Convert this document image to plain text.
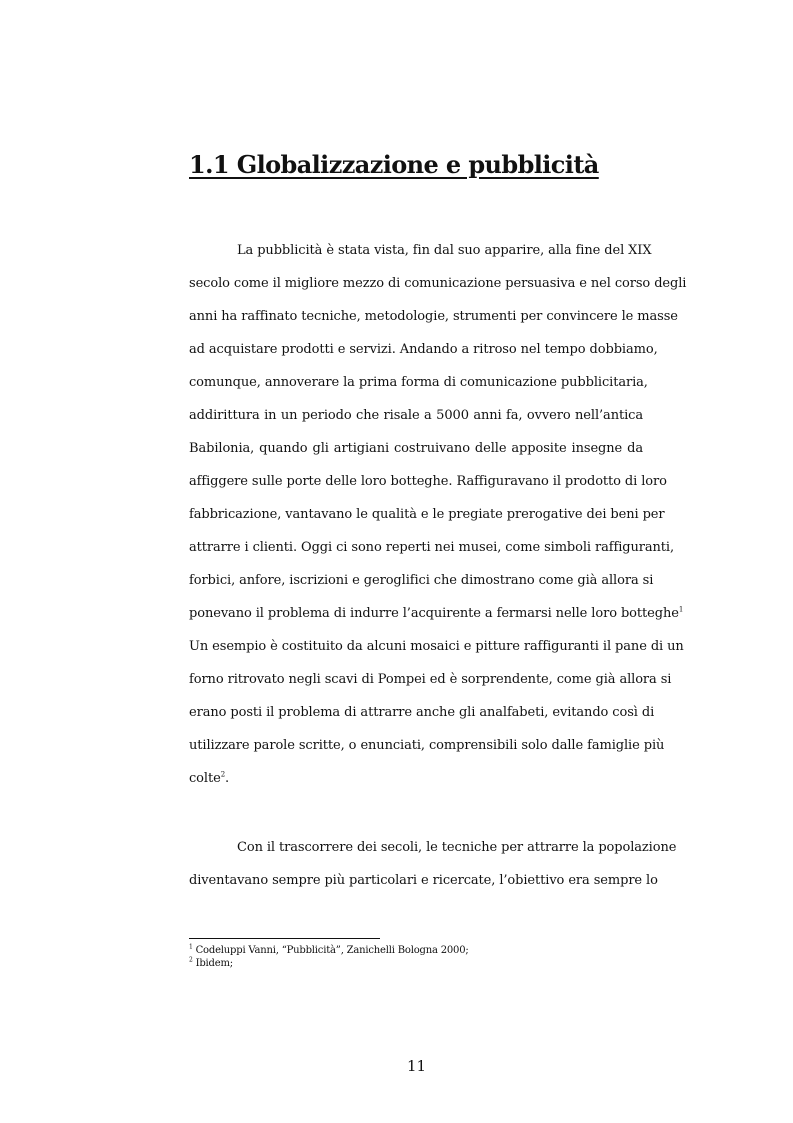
1.1 Globalizzazione e pubblicità
La pubblicità è stata vista, fin dal suo apparire, alla fine del XIX
secolo come il migliore mezzo di comunicazione persuasiva e nel corso degli
anni ha raffinato tecniche, metodologie, strumenti per convincere le masse
ad acquistare prodotti e servizi. Andando a ritroso nel tempo dobbiamo,
comunque, annoverare la prima forma di comunicazione pubblicitaria,
addirittura in un periodo che risale a 5000 anni fa, ovvero nell’antica
Babilonia, quando gli artigiani costruivano delle apposite insegne da
affiggere sulle porte delle loro botteghe. Raffiguravano il prodotto di loro
fabbricazione, vantavano le qualità e le pregiate prerogative dei beni per
attrarre i clienti. Oggi ci sono reperti nei musei, come simboli raffiguranti,
forbici, anfore, iscrizioni e geroglifici che dimostrano come già allora si
ponevano il problema di indurre l’acquirente a fermarsi nelle loro botteghe$^1$
Un esempio è costituito da alcuni mosaici e pitture raffiguranti il pane di un
forno ritrovato negli scavi di Pompei ed è sorprendente, come già allora si
erano posti il problema di attrarre anche gli analfabeti, evitando così di
utilizzare parole scritte, o enunciati, comprensibili solo dalle famiglie più
colte$^2$.
Con il trascorrere dei secoli, le tecniche per attrarre la popolazione
diventavano sempre più particolari e ricercate, l’obiettivo era sempre lo

$^1$ Codeluppi Vanni, “Pubblicità”, Zanichelli Bologna 2000;

$^2$ Ibidem;

11
